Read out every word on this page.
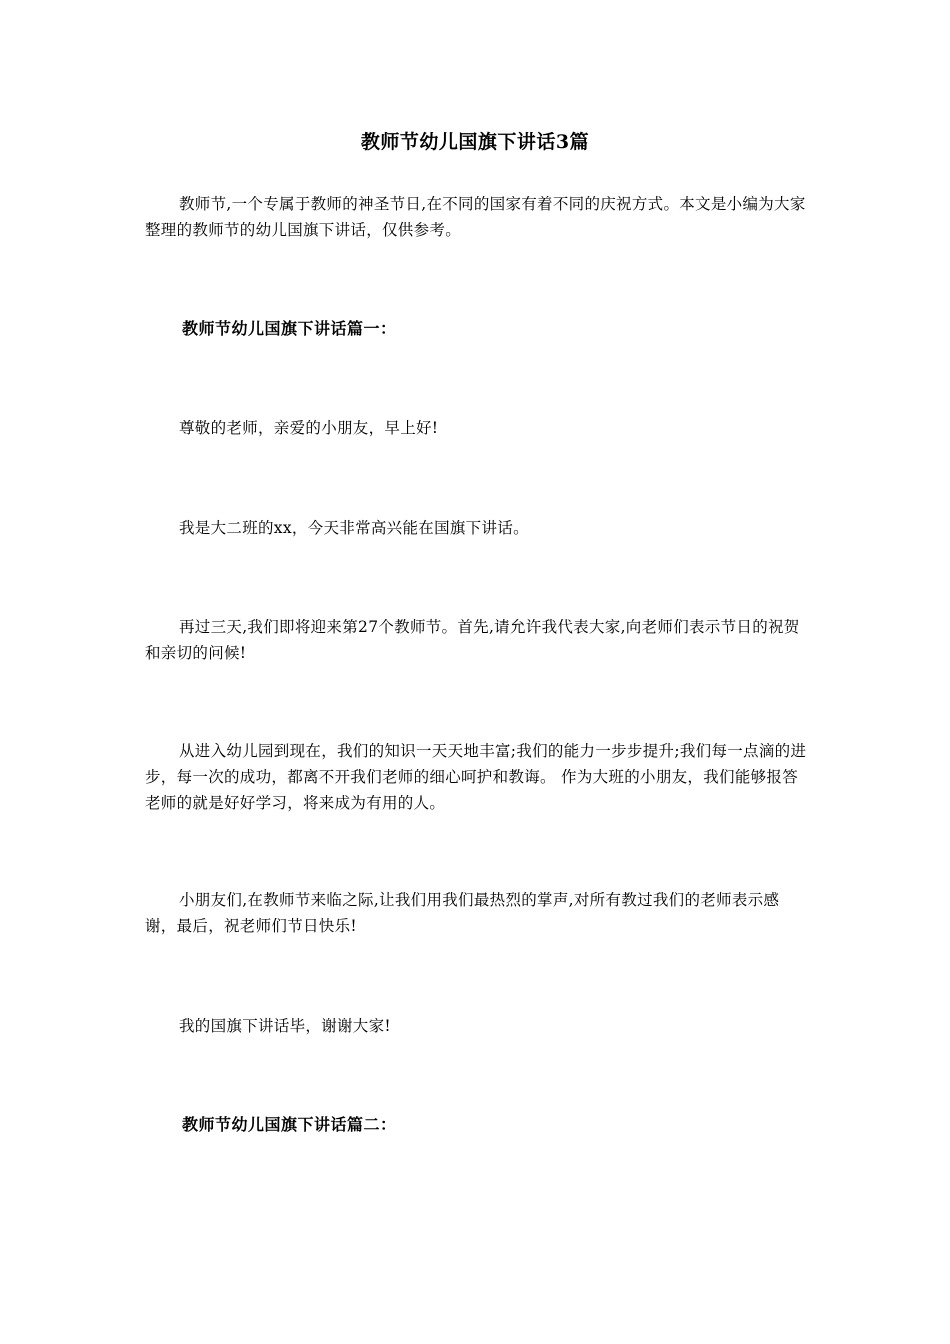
教师节幼儿国旗下讲话3篇

教师节,一个专属于教师的神圣节日,在不同的国家有着不同的庆祝方式。本文是小编为大家整理的教师节的幼儿国旗下讲话，仅供参考。

教师节幼儿国旗下讲话篇一：

尊敬的老师，亲爱的小朋友，早上好!

我是大二班的xx，今天非常高兴能在国旗下讲话。

再过三天,我们即将迎来第27个教师节。首先,请允许我代表大家,向老师们表示节日的祝贺和亲切的问候!

从进入幼儿园到现在，我们的知识一天天地丰富;我们的能力一步步提升;我们每一点滴的进步，每一次的成功，都离不开我们老师的细心呵护和教诲。 作为大班的小朋友，我们能够报答老师的就是好好学习，将来成为有用的人。

小朋友们,在教师节来临之际,让我们用我们最热烈的掌声,对所有教过我们的老师表示感谢，最后，祝老师们节日快乐!

我的国旗下讲话毕，谢谢大家!

教师节幼儿国旗下讲话篇二：
